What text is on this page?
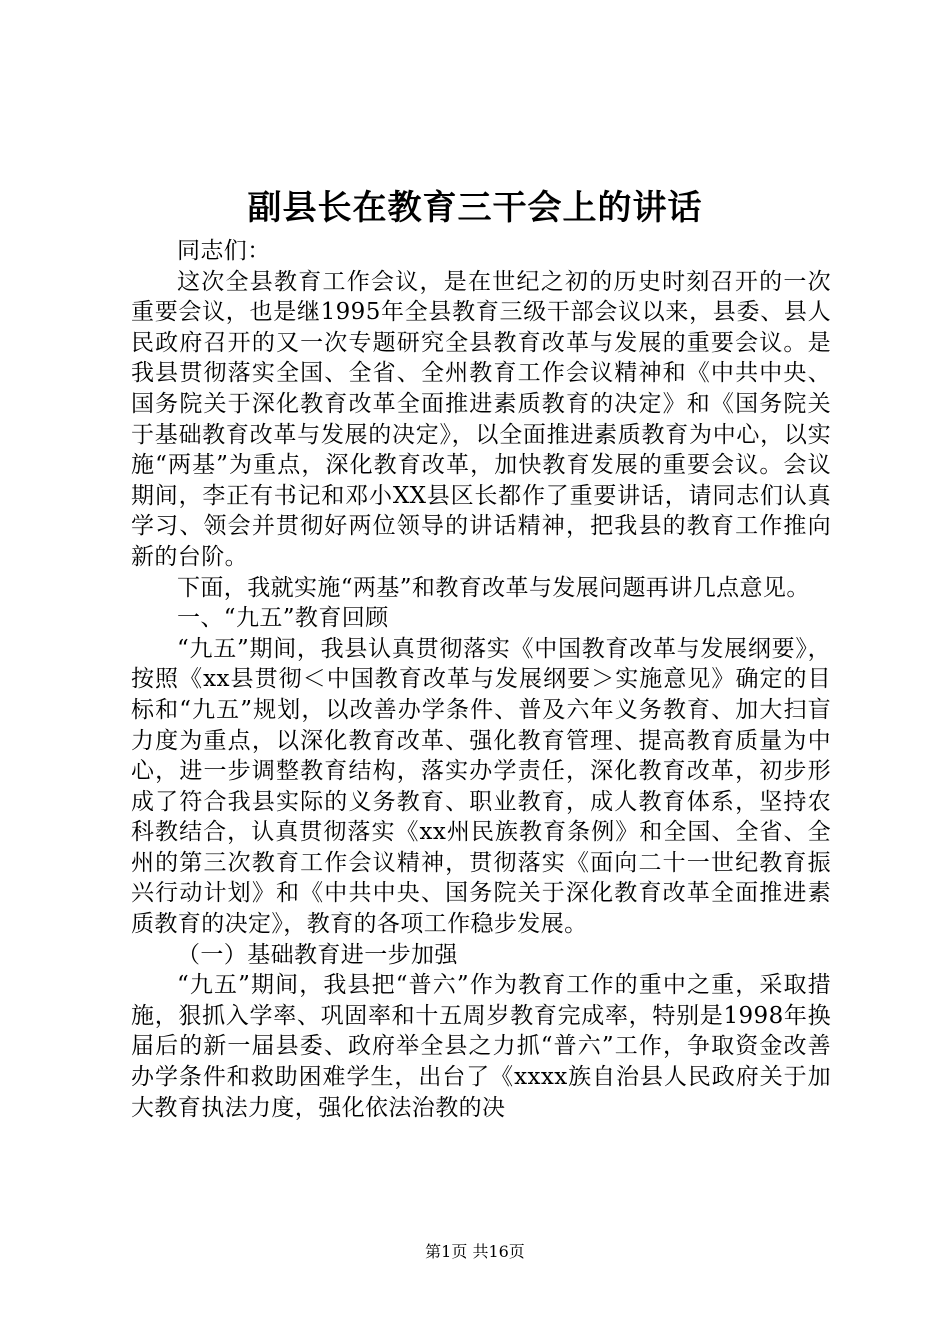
副县长在教育三干会上的讲话

同志们：

这次全县教育工作会议，是在世纪之初的历史时刻召开的一次重要会议，也是继1995年全县教育三级干部会议以来，县委、县人民政府召开的又一次专题研究全县教育改革与发展的重要会议。是我县贯彻落实全国、全省、全州教育工作会议精神和《中共中央、国务院关于深化教育改革全面推进素质教育的决定》和《国务院关于基础教育改革与发展的决定》，以全面推进素质教育为中心，以实施“两基”为重点，深化教育改革，加快教育发展的重要会议。会议期间，李正有书记和邓小XX县区长都作了重要讲话，请同志们认真学习、领会并贯彻好两位领导的讲话精神，把我县的教育工作推向新的台阶。

下面，我就实施“两基”和教育改革与发展问题再讲几点意见。

一、“九五”教育回顾

“九五”期间，我县认真贯彻落实《中国教育改革与发展纲要》，按照《xx县贯彻＜中国教育改革与发展纲要＞实施意见》确定的目标和“九五”规划，以改善办学条件、普及六年义务教育、加大扫盲力度为重点，以深化教育改革、强化教育管理、提高教育质量为中心，进一步调整教育结构，落实办学责任，深化教育改革，初步形成了符合我县实际的义务教育、职业教育，成人教育体系，坚持农科教结合，认真贯彻落实《xx州民族教育条例》和全国、全省、全州的第三次教育工作会议精神，贯彻落实《面向二十一世纪教育振兴行动计划》和《中共中央、国务院关于深化教育改革全面推进素质教育的决定》，教育的各项工作稳步发展。

（一）基础教育进一步加强

“九五”期间，我县把“普六”作为教育工作的重中之重，采取措施，狠抓入学率、巩固率和十五周岁教育完成率，特别是1998年换届后的新一届县委、政府举全县之力抓“普六”工作，争取资金改善办学条件和救助困难学生，出台了《xxxx族自治县人民政府关于加大教育执法力度，强化依法治教的决

第1页 共16页
